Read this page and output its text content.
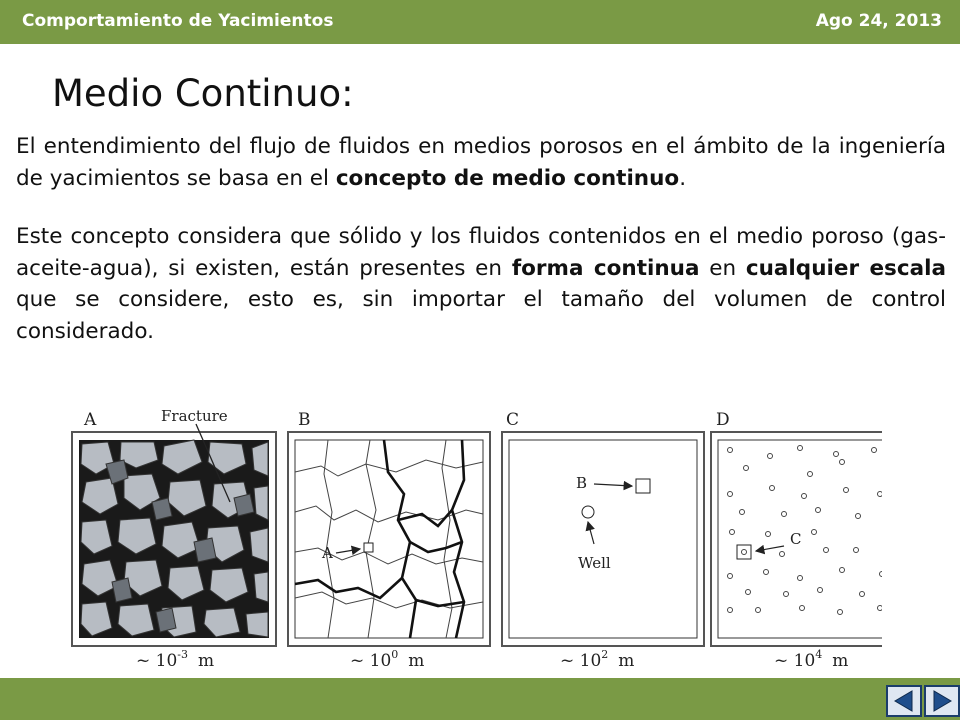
Comportamiento de Yacimientos	Ago 24, 2013
Medio Continuo:

El entendimiento del flujo de fluidos en medios porosos en el ámbito de la ingeniería de yacimientos se basa en el concepto de medio continuo.

Este concepto considera que sólido y los fluidos contenidos en el medio poroso (gas-aceite-agua), si existen, están presentes en forma continua en cualquier escala que se considere, esto es, sin importar el tamaño del volumen de control considerado.

A	Fracture	B
A
C
B
Well
D
C
~ $10^{-3}$ m	~ $10^0$ m	~ $10^2$ m	~ $10^4$ m
